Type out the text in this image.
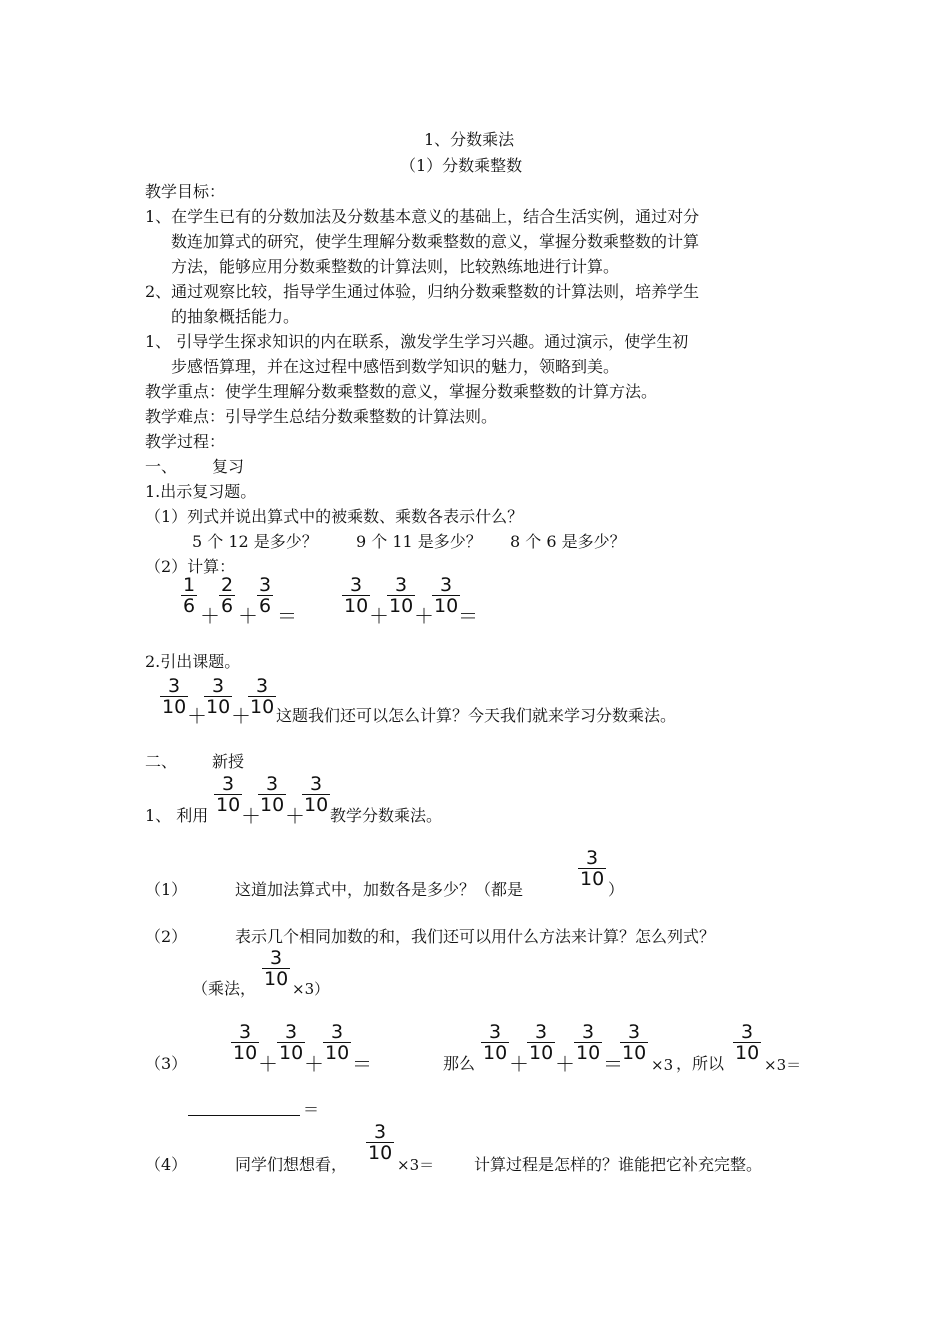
1、分数乘法
（1）分数乘整数
教学目标：
1、在学生已有的分数加法及分数基本意义的基础上，结合生活实例，通过对分
数连加算式的研究，使学生理解分数乘整数的意义，掌握分数乘整数的计算
方法，能够应用分数乘整数的计算法则，比较熟练地进行计算。
2、通过观察比较，指导学生通过体验，归纳分数乘整数的计算法则，培养学生
的抽象概括能力。
1、 引导学生探求知识的内在联系，激发学生学习兴趣。通过演示，使学生初
步感悟算理，并在这过程中感悟到数学知识的魅力，领略到美。
教学重点：使学生理解分数乘整数的意义，掌握分数乘整数的计算方法。
教学难点：引导学生总结分数乘整数的计算法则。
教学过程：
一、 复习
1.出示复习题。
（1）列式并说出算式中的被乘数、乘数各表示什么？
5 个 12 是多少？ 9 个 11 是多少？ 8 个 6 是多少？
（2）计算：
$\frac{1}{6} + \frac{2}{6} + \frac{3}{6} = \frac{3}{10}$
＋
$\frac{3}{10}$
＋
$\frac{3}{10}$
＝
2.引出课题。
$\frac{3}{10}$
＋
$\frac{3}{10}$
＋
$\frac{3}{10}$ 这题我们还可以怎么计算？今天我们就来学习分数乘法。
二、 新授
1、 利用
$\frac{3}{10}$
＋
$\frac{3}{10}$
＋
$\frac{3}{10}$
教学分数乘法。
（1）	这道加法算式中，加数各是多少？（都是
$\frac{3}{10}$
）
（2）	表示几个相同加数的和，我们还可以用什么方法来计算？怎么列式？
（乘法， $\frac{3}{10} \times 3$）
（3）
$\frac{3}{10}$
＋
$\frac{3}{10}$
＋
$\frac{3}{10}$
＝	那么
$\frac{3}{10}$
＋
$\frac{3}{10}$
＋
$\frac{3}{10}$
＝
$\frac{3}{10}$
×3 ，所以
$\frac{3}{10}$
×3＝
＝
（4）	同学们想想看，
$\frac{3}{10}$
×3＝ 计算过程是怎样的？谁能把它补充完整。
